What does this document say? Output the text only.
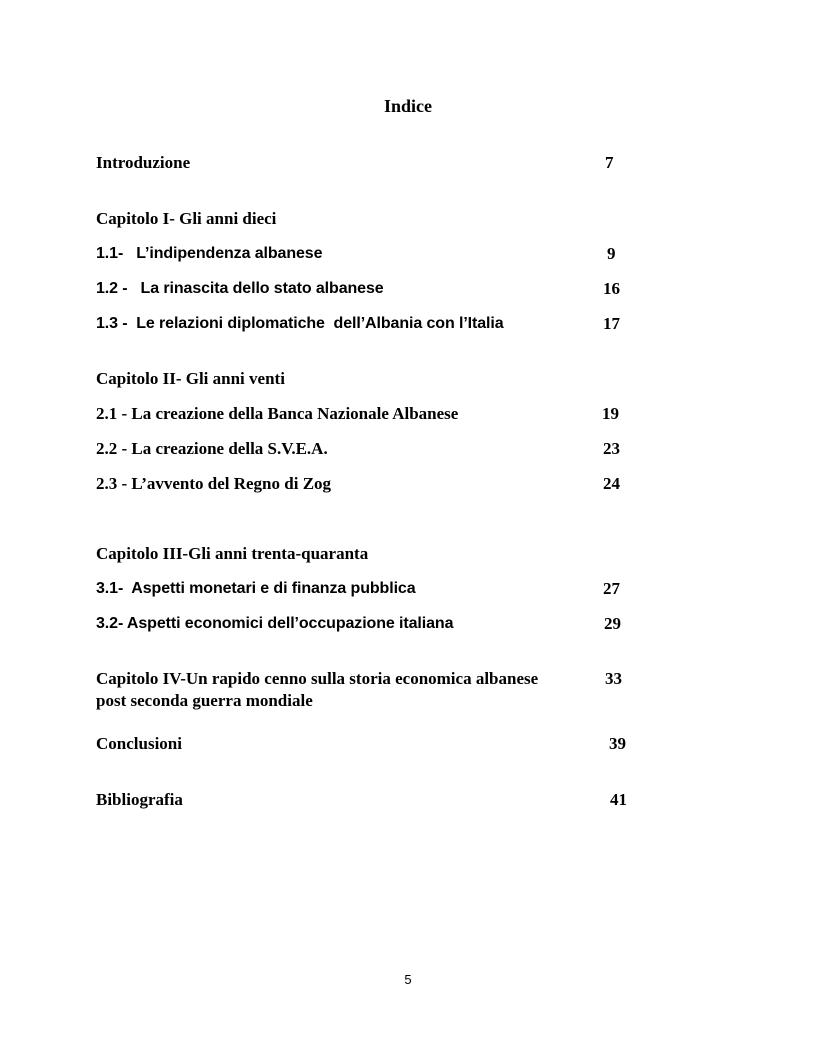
Indice
Introduzione	7
Capitolo I- Gli anni dieci
1.1-   L’indipendenza albanese	9
1.2 -   La rinascita dello stato albanese	16
1.3 -  Le relazioni diplomatiche  dell’Albania con l’Italia	17
Capitolo II- Gli anni venti
2.1 - La creazione della Banca Nazionale Albanese	19
2.2 - La creazione della S.V.E.A.	23
2.3 - L’avvento del Regno di Zog	24
Capitolo III-Gli anni trenta-quaranta
3.1-  Aspetti monetari e di finanza pubblica	27
3.2- Aspetti economici dell’occupazione italiana	29
Capitolo IV-Un rapido cenno sulla storia economica albanese	33
post seconda guerra mondiale
Conclusioni	39
Bibliografia	41
5
